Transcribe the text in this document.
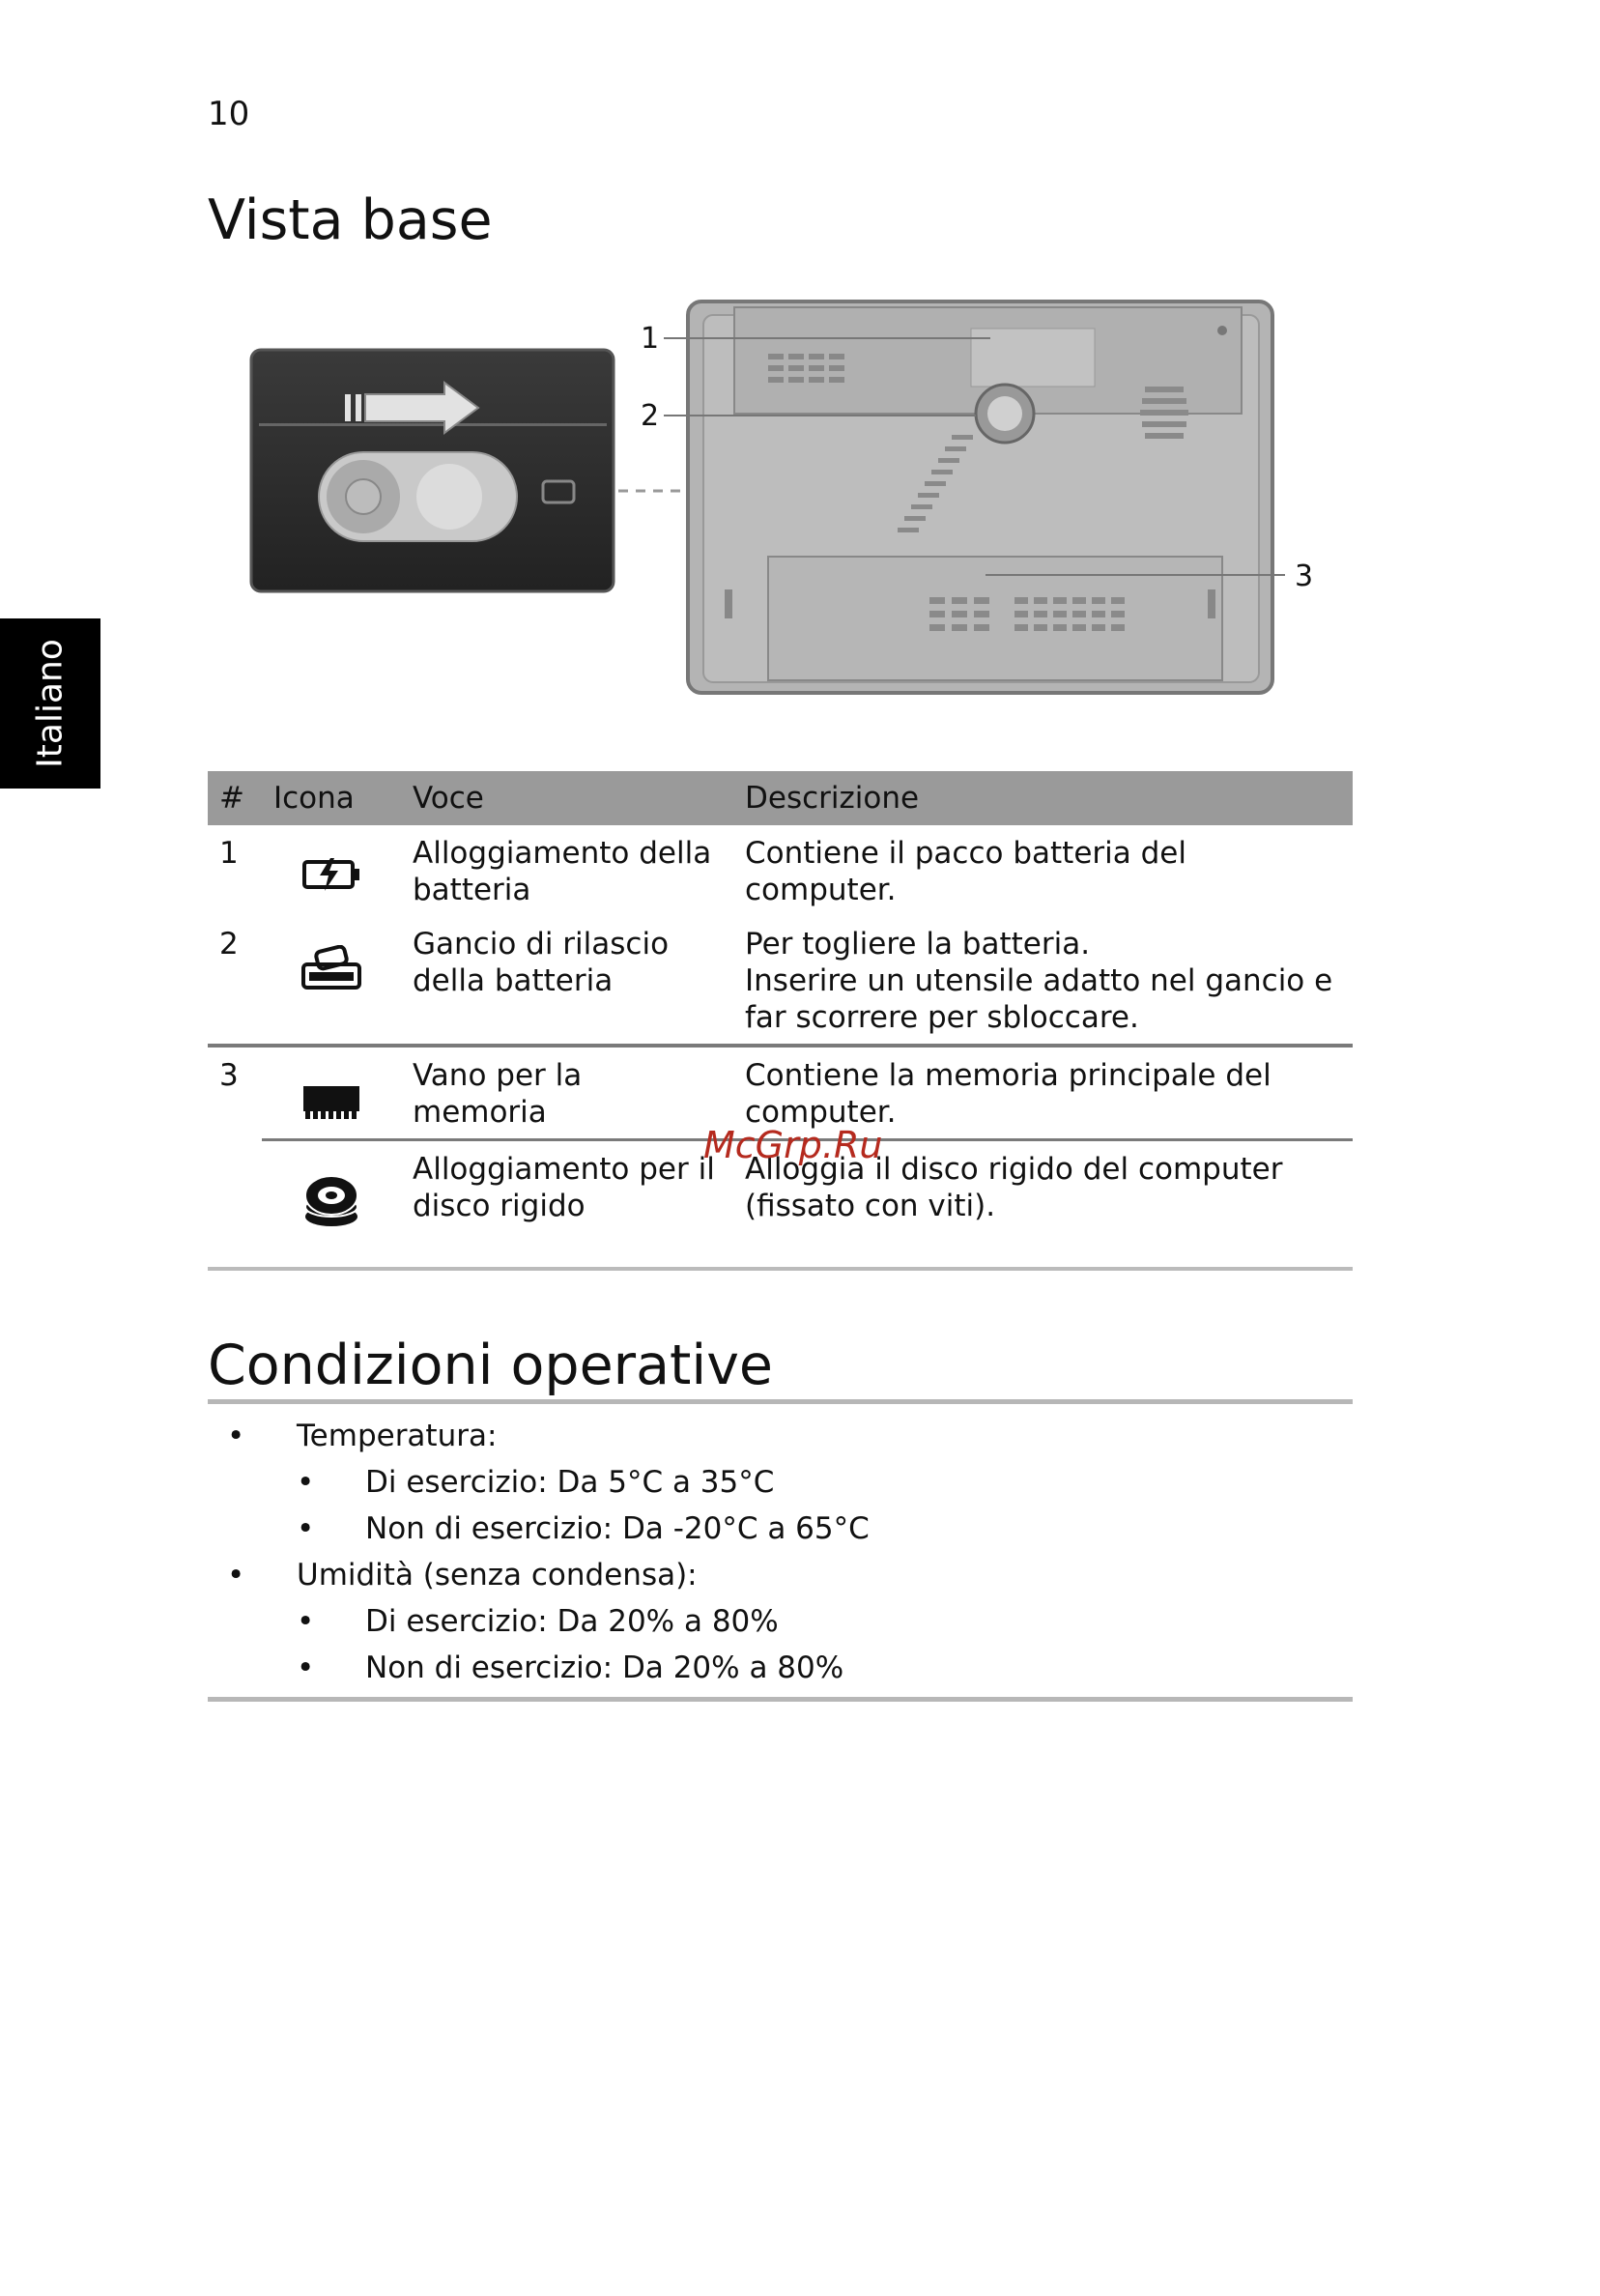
10
Vista base
Italiano
1
2
3
#	Icona	Voce	Descrizione
1		Alloggiamento della batteria	Contiene il pacco batteria del computer.

2		Gancio di rilascio della batteria	Per togliere la batteria.
Inserire un utensile adatto nel gancio e far scorrere per sbloccare.

3		Vano per la memoria	Contiene la memoria principale del computer.

		Alloggiamento per il disco rigido	Alloggia il disco rigido del computer (fissato con viti).
McGrp.Ru
Condizioni operative
• Temperatura:
• Di esercizio: Da 5°C a 35°C
• Non di esercizio: Da -20°C a 65°C
• Umidità (senza condensa):
• Di esercizio: Da 20% a 80%
• Non di esercizio: Da 20% a 80%
